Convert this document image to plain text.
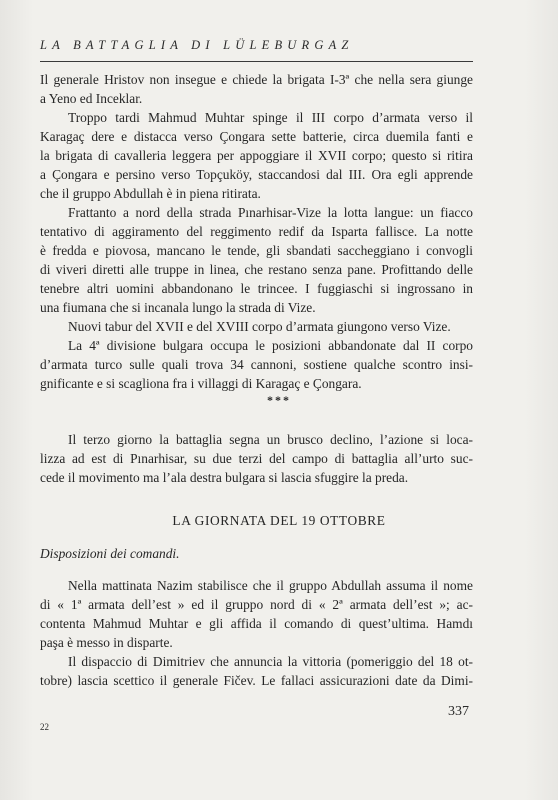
LA BATTAGLIA DI LÜLEBURGAZ

Il generale Hristov non insegue e chiede la brigata I-3ª che nella sera giunge
a Yeno ed Inceklar.

Troppo tardi Mahmud Muhtar spinge il III corpo d’armata verso il
Karagaç dere e distacca verso Çongara sette batterie, circa duemila fanti e
la brigata di cavalleria leggera per appoggiare il XVII corpo; questo si ritira
a Çongara e persino verso Topçuköy, staccandosi dal III. Ora egli apprende
che il gruppo Abdullah è in piena ritirata.

Frattanto a nord della strada Pınarhisar-Vize la lotta langue: un fiacco
tentativo di aggiramento del reggimento redif da Isparta fallisce. La notte
è fredda e piovosa, mancano le tende, gli sbandati saccheggiano i convogli
di viveri diretti alle truppe in linea, che restano senza pane. Profittando delle
tenebre altri uomini abbandonano le trincee. I fuggiaschi si ingrossano in
una fiumana che si incanala lungo la strada di Vize.

Nuovi tabur del XVII e del XVIII corpo d’armata giungono verso Vize.

La 4ª divisione bulgara occupa le posizioni abbandonate dal II corpo
d’armata turco sulle quali trova 34 cannoni, sostiene qualche scontro insi-
gnificante e si scagliona fra i villaggi di Karagaç e Çongara.

***

Il terzo giorno la battaglia segna un brusco declino, l’azione si loca-
lizza ad est di Pınarhisar, su due terzi del campo di battaglia all’urto suc-
cede il movimento ma l’ala destra bulgara si lascia sfuggire la preda.

LA GIORNATA DEL 19 OTTOBRE
Disposizioni dei comandi.

Nella mattinata Nazim stabilisce che il gruppo Abdullah assuma il nome
di « 1ª armata dell’est » ed il gruppo nord di « 2ª armata dell’est »; ac-
contenta Mahmud Muhtar e gli affida il comando di quest’ultima. Hamdı
paşa è messo in disparte.

Il dispaccio di Dimitriev che annuncia la vittoria (pomeriggio del 18 ot-
tobre) lascia scettico il generale Fičev. Le fallaci assicurazioni date da Dimi-

337
22
